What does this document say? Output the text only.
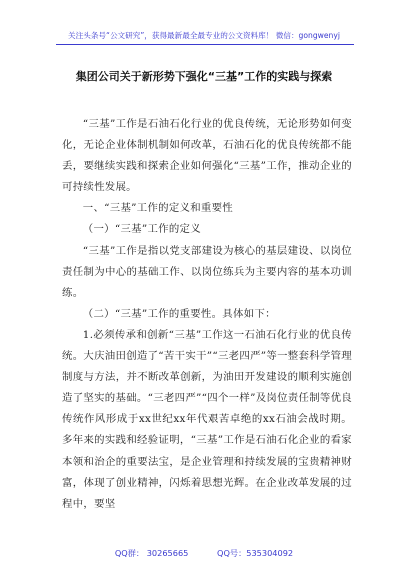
关注头条号“公文研究”，获得最新最全最专业的公文资料库！ 微信：gongwenyj
集团公司关于新形势下强化“三基”工作的实践与探索

“三基”工作是石油石化行业的优良传统，无论形势如何变化，无论企业体制机制如何改革，石油石化的优良传统都不能丢，要继续实践和探索企业如何强化“三基”工作，推动企业的可持续性发展。

一、“三基”工作的定义和重要性

（一）“三基”工作的定义

“三基”工作是指以党支部建设为核心的基层建设、以岗位责任制为中心的基础工作、以岗位练兵为主要内容的基本功训练。

（二）“三基”工作的重要性。具体如下：

1.必须传承和创新“三基”工作这一石油石化行业的优良传统。大庆油田创造了“苦干实干”“三老四严”等一整套科学管理制度与方法，并不断改革创新，为油田开发建设的顺利实施创造了坚实的基础。“三老四严”“四个一样”及岗位责任制等优良传统作风形成于xx世纪xx年代艰苦卓绝的xx石油会战时期。多年来的实践和经验证明，“三基”工作是石油石化企业的看家本领和治企的重要法宝，是企业管理和持续发展的宝贵精神财富，体现了创业精神，闪烁着思想光辉。在企业改革发展的过程中，要坚

QQ群： 30265665	QQ号：535304092
